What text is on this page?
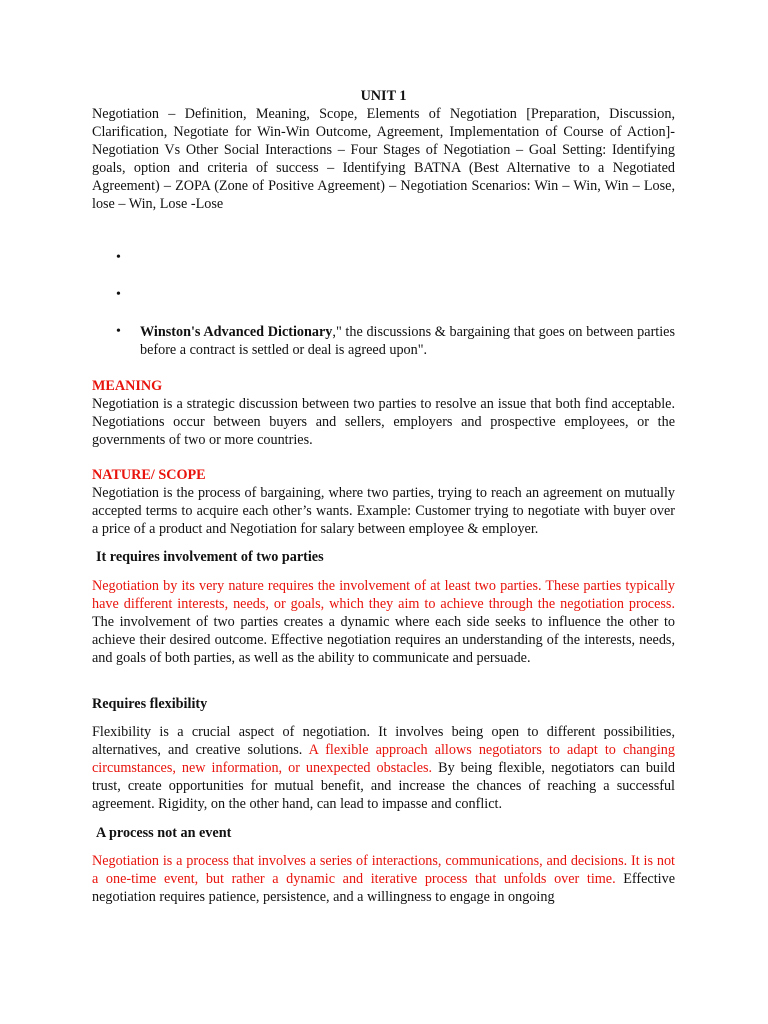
UNIT 1

Negotiation – Definition, Meaning, Scope, Elements of Negotiation [Preparation, Discussion, Clarification, Negotiate for Win-Win Outcome, Agreement, Implementation of Course of Action]-Negotiation Vs Other Social Interactions – Four Stages of Negotiation – Goal Setting: Identifying goals, option and criteria of success – Identifying BATNA (Best Alternative to a Negotiated Agreement) – ZOPA (Zone of Positive Agreement) – Negotiation Scenarios: Win – Win, Win – Lose, lose – Win, Lose -Lose

•
•
• Winston's Advanced Dictionary," the discussions & bargaining that goes on between parties before a contract is settled or deal is agreed upon".
MEANING

Negotiation is a strategic discussion between two parties to resolve an issue that both find acceptable. Negotiations occur between buyers and sellers, employers and prospective employees, or the governments of two or more countries.

NATURE/ SCOPE

Negotiation is the process of bargaining, where two parties, trying to reach an agreement on mutually accepted terms to acquire each other’s wants. Example: Customer trying to negotiate with buyer over a price of a product and Negotiation for salary between employee & employer.

It requires involvement of two parties

Negotiation by its very nature requires the involvement of at least two parties. These parties typically have different interests, needs, or goals, which they aim to achieve through the negotiation process. The involvement of two parties creates a dynamic where each side seeks to influence the other to achieve their desired outcome. Effective negotiation requires an understanding of the interests, needs, and goals of both parties, as well as the ability to communicate and persuade.

Requires flexibility

Flexibility is a crucial aspect of negotiation. It involves being open to different possibilities, alternatives, and creative solutions. A flexible approach allows negotiators to adapt to changing circumstances, new information, or unexpected obstacles. By being flexible, negotiators can build trust, create opportunities for mutual benefit, and increase the chances of reaching a successful agreement. Rigidity, on the other hand, can lead to impasse and conflict.

A process not an event

Negotiation is a process that involves a series of interactions, communications, and decisions. It is not a one-time event, but rather a dynamic and iterative process that unfolds over time. Effective negotiation requires patience, persistence, and a willingness to engage in ongoing
